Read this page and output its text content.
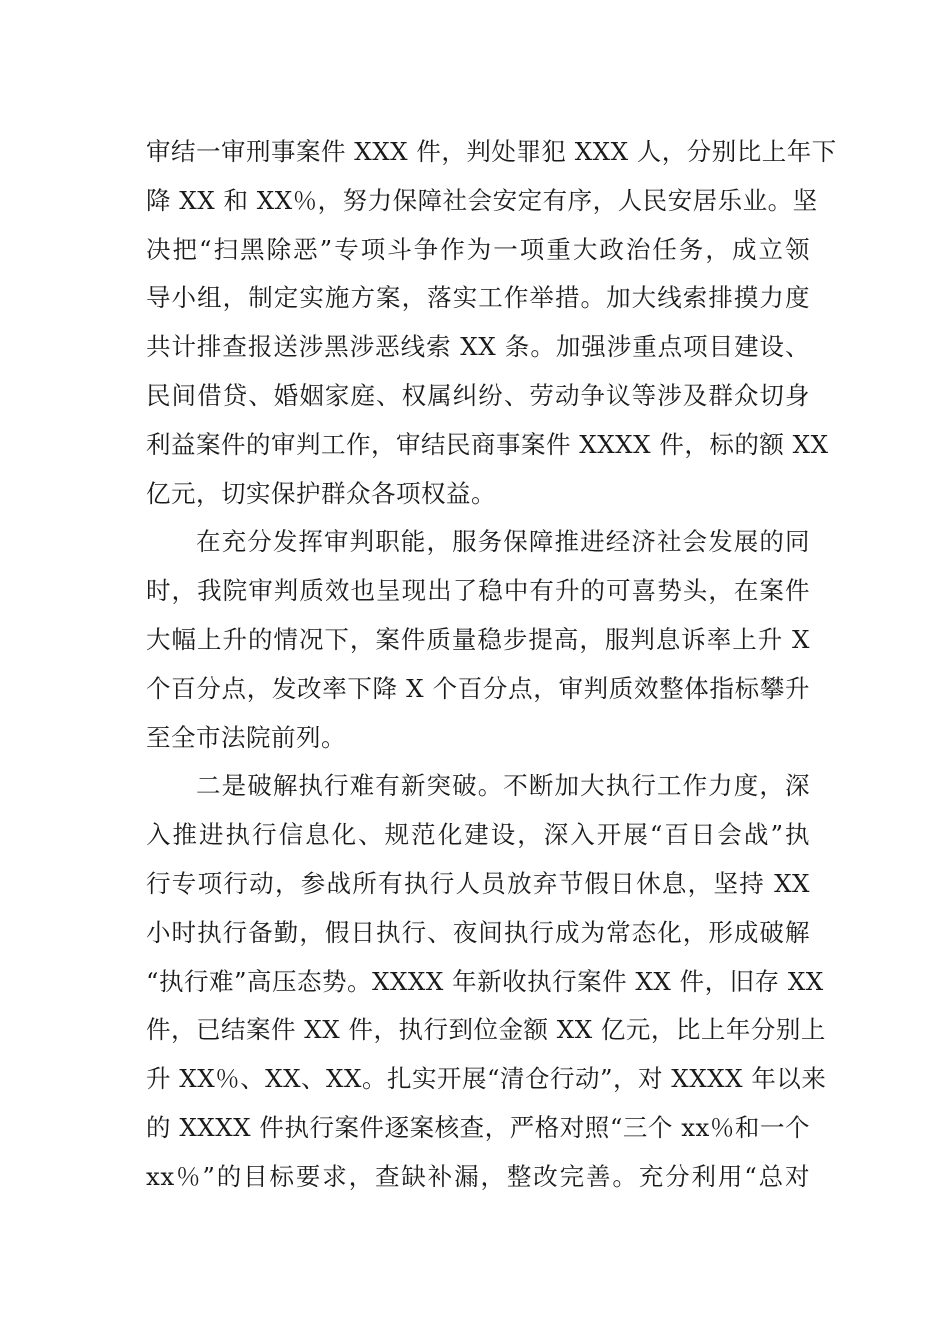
审结一审刑事案件 XXX 件，判处罪犯 XXX 人，分别比上年下
降 XX 和 XX％，努力保障社会安定有序，人民安居乐业。坚
决把“扫黑除恶”专项斗争作为一项重大政治任务，成立领
导小组，制定实施方案，落实工作举措。加大线索排摸力度
共计排查报送涉黑涉恶线索 XX 条。加强涉重点项目建设、
民间借贷、婚姻家庭、权属纠纷、劳动争议等涉及群众切身
利益案件的审判工作，审结民商事案件 XXXX 件，标的额 XX
亿元，切实保护群众各项权益。
在充分发挥审判职能，服务保障推进经济社会发展的同
时，我院审判质效也呈现出了稳中有升的可喜势头，在案件
大幅上升的情况下，案件质量稳步提高，服判息诉率上升 X
个百分点，发改率下降 X 个百分点，审判质效整体指标攀升
至全市法院前列。
二是破解执行难有新突破。不断加大执行工作力度，深
入推进执行信息化、规范化建设，深入开展“百日会战”执
行专项行动，参战所有执行人员放弃节假日休息，坚持 XX
小时执行备勤，假日执行、夜间执行成为常态化，形成破解
“执行难”高压态势。XXXX 年新收执行案件 XX 件，旧存 XX
件，已结案件 XX 件，执行到位金额 XX 亿元，比上年分别上
升 XX％、XX、XX。扎实开展“清仓行动”，对 XXXX 年以来
的 XXXX 件执行案件逐案核查，严格对照“三个 xx％和一个
xx％”的目标要求，查缺补漏，整改完善。充分利用“总对
